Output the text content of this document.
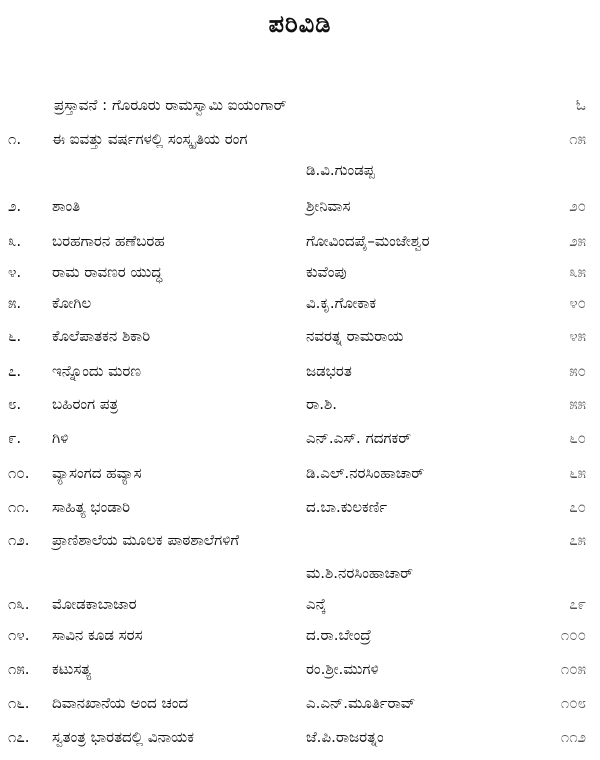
ಪರಿವಿಡಿ
ಪ್ರಸ್ತಾವನೆ : ಗೊರೂರು ರಾಮಸ್ವಾಮಿ ಐಯಂಗಾರ್	ಓ
೧.	ಈ ಐವತ್ತು ವರ್ಷಗಳಲ್ಲಿ ಸಂಸ್ಕೃತಿಯ ರಂಗ	೧೫
ಡಿ.ವಿ.ಗುಂಡಪ್ಪ
೨.	ಶಾಂತಿ	ಶ್ರೀನಿವಾಸ	೨೦
೩.	ಬರಹಗಾರನ ಹಣೆಬರಹ	ಗೋವಿಂದಪೈ–ಮಂಜೇಶ್ವರ	೨೫
೪.	ರಾಮ ರಾವಣರ ಯುದ್ಧ	ಕುವೆಂಪು	೩೫
೫.	ಕೋಗಿಲ	ವಿ.ಕೃ.ಗೋಕಾಕ	೪೦
೬.	ಕೊಲೆಪಾತಕನ ಶಿಕಾರಿ	ನವರತ್ನ ರಾಮರಾಯ	೪೫
೭.	ಇನ್ನೊಂದು ಮರಣ	ಜಡಭರತ	೫೦
೮.	ಬಹಿರಂಗ ಪತ್ರ	ರಾ.ಶಿ.	೫೫
೯.	ಗಿಳಿ	ಎನ್.ಎಸ್. ಗದಗಕರ್	೬೦
೧೦.	ವ್ಯಾಸಂಗದ ಹವ್ಯಾಸ	ಡಿ.ಎಲ್.ನರಸಿಂಹಾಚಾರ್	೬೫
೧೧.	ಸಾಹಿತ್ಯ ಭಂಡಾರಿ	ದ.ಬಾ.ಕುಲಕರ್ಣಿ	೭೦
೧೨.	ಪ್ರಾಣಿಶಾಲೆಯ ಮೂಲಕ ಪಾಠಶಾಲೆಗಳಿಗೆ	೭೫
ಮ.ಶಿ.ನರಸಿಂಹಾಚಾರ್
೧೩.	ಮೋಡಕಾಬಾಜಾರ	ಎನ್ಕೆ	೭೯
೧೪.	ಸಾವಿನ ಕೂಡ ಸರಸ	ದ.ರಾ.ಬೇಂದ್ರೆ	೧೦೦
೧೫.	ಕಟುಸತ್ಯ	ರಂ.ಶ್ರೀ.ಮುಗಳಿ	೧೦೫
೧೬.	ದಿವಾನಖಾನೆಯ ಅಂದ ಚಂದ	ಎ.ಎನ್.ಮೂರ್ತಿರಾವ್	೧೦೮
೧೭.	ಸ್ವತಂತ್ರ ಭಾರತದಲ್ಲಿ ವಿನಾಯಕ	ಜೆ.ಪಿ.ರಾಜರತ್ನಂ	೧೧೨
